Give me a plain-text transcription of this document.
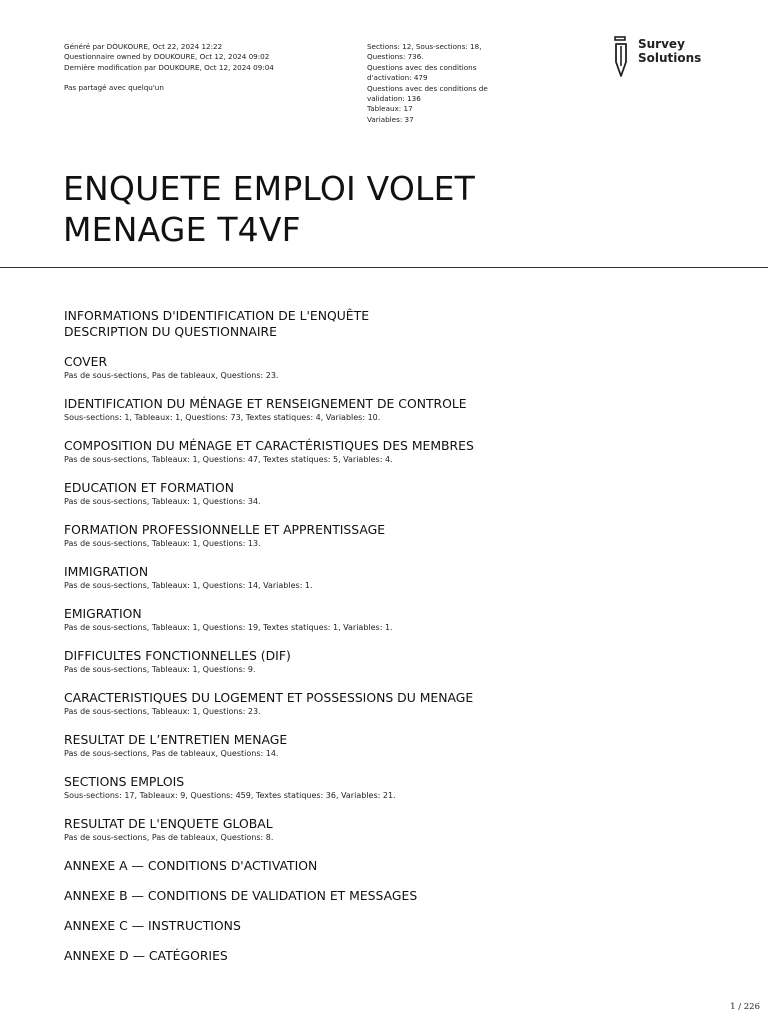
Généré par DOUKOURE, Oct 22, 2024 12:22
Questionnaire owned by DOUKOURE, Oct 12, 2024 09:02
Dernière modification par DOUKOURE, Oct 12, 2024 09:04
Pas partagé avec quelqu'un
Sections: 12, Sous-sections: 18,
Questions: 736.
Questions avec des conditions
d'activation: 479
Questions avec des conditions de
validation: 136
Tableaux: 17
Variables: 37
Survey
Solutions
ENQUETE EMPLOI VOLET
MENAGE T4VF
INFORMATIONS D'IDENTIFICATION DE L'ENQUÊTE
DESCRIPTION DU QUESTIONNAIRE
COVER
Pas de sous-sections, Pas de tableaux, Questions: 23.
IDENTIFICATION DU MÉNAGE ET RENSEIGNEMENT DE CONTROLE
Sous-sections: 1, Tableaux: 1, Questions: 73, Textes statiques: 4, Variables: 10.
COMPOSITION DU MÉNAGE ET CARACTÉRISTIQUES DES MEMBRES
Pas de sous-sections, Tableaux: 1, Questions: 47, Textes statiques: 5, Variables: 4.
EDUCATION ET FORMATION
Pas de sous-sections, Tableaux: 1, Questions: 34.
FORMATION PROFESSIONNELLE ET APPRENTISSAGE
Pas de sous-sections, Tableaux: 1, Questions: 13.
IMMIGRATION
Pas de sous-sections, Tableaux: 1, Questions: 14, Variables: 1.
EMIGRATION
Pas de sous-sections, Tableaux: 1, Questions: 19, Textes statiques: 1, Variables: 1.
DIFFICULTES FONCTIONNELLES (DIF)
Pas de sous-sections, Tableaux: 1, Questions: 9.
CARACTERISTIQUES DU LOGEMENT ET POSSESSIONS DU MENAGE
Pas de sous-sections, Tableaux: 1, Questions: 23.
RESULTAT DE L’ENTRETIEN MENAGE
Pas de sous-sections, Pas de tableaux, Questions: 14.
SECTIONS EMPLOIS
Sous-sections: 17, Tableaux: 9, Questions: 459, Textes statiques: 36, Variables: 21.
RESULTAT DE L'ENQUETE GLOBAL
Pas de sous-sections, Pas de tableaux, Questions: 8.
ANNEXE A — CONDITIONS D'ACTIVATION
ANNEXE B — CONDITIONS DE VALIDATION ET MESSAGES
ANNEXE C — INSTRUCTIONS
ANNEXE D — CATÉGORIES
1 / 226
